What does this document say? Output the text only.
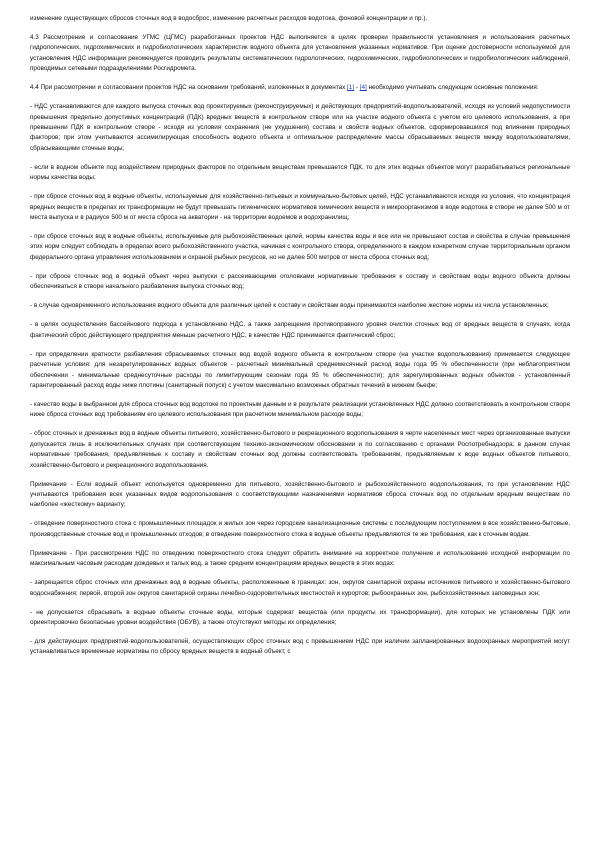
изменение существующих сбросов сточных вод в водосброс, изменение расчетных расходов водотока, фоновой концентрации и пр.).

4.3 Рассмотрение и согласование УГМС (ЦГМС) разработанных проектов НДС выполняется в целях проверки правильности установления и использования расчетных гидрологических, гидрохимических и гидробиологических характеристик водного объекта для установления указанных нормативов. При оценке достоверности используемой для установления НДС информации рекомендуется проводить результаты систематических гидрологических, гидрохимических, гидробиологических и гидробиологических наблюдений, проводимых сетевыми подразделениями Росгидромета.

4.4 При рассмотрении и согласовании проектов НДС на основании требований, изложенных в документах [1] - [4] необходимо учитывать следующие основные положения:

- НДС устанавливаются для каждого выпуска сточных вод проектируемых (реконструируемых) и действующих предприятий-водопользователей, исходя из условий недопустимости превышения предельно допустимых концентраций (ПДК) вредных веществ в контрольном створе или на участке водного объекта с учетом его целевого использования, а при превышении ПДК в контрольном створе - исходя из условия сохранения (не ухудшения) состава и свойств водных объектов, сформировавшихся под влиянием природных факторов; при этом учитываются ассимилирующая способность водного объекта и оптимальное распределение массы сбрасываемых веществ между водопользователями, сбрасывающими сточные воды;

- если в водном объекте под воздействием природных факторов по отдельным веществам превышается ПДК, то для этих водных объектов могут разрабатываться региональные нормы качества воды;

- при сбросе сточных вод в водные объекты, используемые для хозяйственно-питьевых и коммунально-бытовых целей, НДС устанавливаются исходя из условия, что концентрация вредных веществ в пределах их трансформации не будут превышать гигиенических нормативов химических веществ и микроорганизмов в воде водотока в створе не далее 500 м от места выпуска и в радиусе 500 м от места сброса на акватории - на территории водоемов и водохранилищ;

- при сбросе сточных вод в водные объекты, используемые для рыбохозяйственных целей, нормы качества воды и все или не превышают состав и свойства в случае превышения этих норм следует соблюдать в пределах всего рыбохозяйственного участка, начиная с контрольного створа, определенного в каждом конкретном случае территориальным органом федерального органа управления использованием и охраной рыбных ресурсов, но не далее 500 метров от места сброса сточных вод;

- при сбросе сточных вод в водный объект через выпуски с рассеивающими оголовками нормативные требования к составу и свойствам воды водного объекта должны обеспечиваться в створе начального разбавления выпуска сточных вод;

- в случае одновременного использования водного объекта для различных целей к составу и свойствам воды принимаются наиболее жесткие нормы из числа установленных;

- в целях осуществления бассейнового подхода к установлению НДС, а также запрещения противоправного уровня очистки сточных вод от вредных веществ в случаях, когда фактический сброс действующего предприятия меньше расчетного НДС, в качестве НДС принимается фактический сброс;

- при определении кратности разбавления сбрасываемых сточных вод водой водного объекта в контрольном створе (на участке водопользования) принимается следующее расчетные условия: для незарегулированных водных объектов - расчетный минимальный среднемесячный расход воды года 95 % обеспеченности (при неблагоприятном обеспечении - минимальные среднесуточные расходы по лимитирующим сезонам года 95 % обеспеченности); для зарегулированных водных объектов - установленный гарантированный расход воды ниже плотины (санитарный попуск) с учетом максимально возможных обратных течений в нижнем бьефе;

- качество воды в выбранном для сброса сточных вод водотоке по проектным данным и в результате реализации установленных НДС должно соответствовать в контрольном створе ниже сброса сточных вод требованиям его целевого использования при расчетном минимальном расходе воды;

- сброс сточных и дренажных вод в водные объекты питьевого, хозяйственно-бытового и рекреационного водопользования в черте населенных мест через организованные выпуски допускается лишь в исключительных случаях при соответствующем технико-экономическом обосновании и по согласованию с органами Роспотребнадзора; в данном случае нормативные требования, предъявляемые к составу и свойствам сточных вод должны соответствовать требованиям, предъявляемым к воде водных объектов питьевого, хозяйственно-бытового и рекреационного водопользования.

Примечание - Если водный объект используется одновременно для питьевого, хозяйственно-бытового и рыбохозяйственного водопользования, то при установлении НДС учитываются требования всех указанных видов водопользования с соответствующими назначениями нормативов сброса сточных вод по отдельным вредным веществам по наиболее «жесткому» варианту;

- отведение поверхностного стока с промышленных площадок и жилых зон через городские канализационные системы с последующим поступлением в все хозяйственно-бытовые, производственные сточные вод и промышленных отходов; в отведение поверхностного стока в водные объекты предъявляются те же требования, как к сточным водам.

Примечание - При рассмотрении НДС по отведению поверхностного стока следует обратить внимание на корректное получение и использование исходной информации по максимальным часовым расходам дождевых и талых вод, а также средним концентрациям вредных веществ в этих водах;

- запрещается сброс сточных или дренажных вод в водные объекты, расположенные в границах: зон, округов санитарной охраны источников питьевого и хозяйственно-бытового водоснабжения; первой, второй зон округов санитарной охраны лечебно-оздоровительных местностей и курортов; рыбоохранных зон, рыбохозяйственных заповедных зон;

- не допускается сбрасывать в водные объекты сточные воды, которые содержат вещества (или продукты их трансформации), для которых не установлены ПДК или ориентировочно безопасные уровни воздействия (ОБУВ), а также отсутствуют методы их определения;

- для действующих предприятий-водопользователей, осуществляющих сброс сточных вод с превышением НДС при наличии запланированных водоохранных мероприятий могут устанавливаться временные нормативы по сбросу вредных веществ в водный объект, с
